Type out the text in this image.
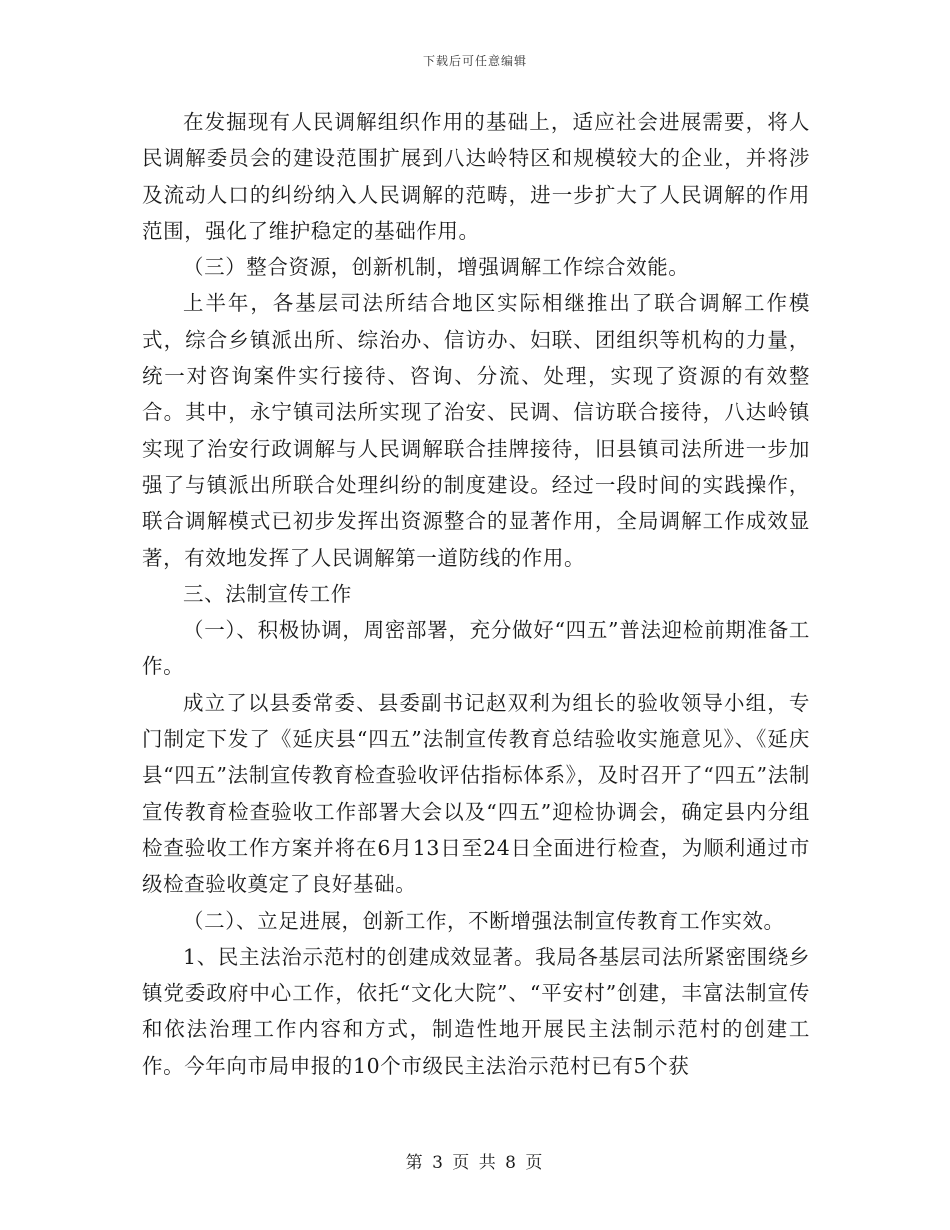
下载后可任意编辑

在发掘现有人民调解组织作用的基础上，适应社会进展需要，将人民调解委员会的建设范围扩展到八达岭特区和规模较大的企业，并将涉及流动人口的纠纷纳入人民调解的范畴，进一步扩大了人民调解的作用范围，强化了维护稳定的基础作用。

（三）整合资源，创新机制，增强调解工作综合效能。

上半年，各基层司法所结合地区实际相继推出了联合调解工作模式，综合乡镇派出所、综治办、信访办、妇联、团组织等机构的力量，统一对咨询案件实行接待、咨询、分流、处理，实现了资源的有效整合。其中，永宁镇司法所实现了治安、民调、信访联合接待，八达岭镇实现了治安行政调解与人民调解联合挂牌接待，旧县镇司法所进一步加强了与镇派出所联合处理纠纷的制度建设。经过一段时间的实践操作，联合调解模式已初步发挥出资源整合的显著作用，全局调解工作成效显著，有效地发挥了人民调解第一道防线的作用。

三、法制宣传工作

（一）、积极协调，周密部署，充分做好“四五”普法迎检前期准备工作。

成立了以县委常委、县委副书记赵双利为组长的验收领导小组，专门制定下发了《延庆县“四五”法制宣传教育总结验收实施意见》、《延庆县“四五”法制宣传教育检查验收评估指标体系》，及时召开了“四五”法制宣传教育检查验收工作部署大会以及“四五”迎检协调会，确定县内分组检查验收工作方案并将在6月13日至24日全面进行检查，为顺利通过市级检查验收奠定了良好基础。

（二）、立足进展，创新工作，不断增强法制宣传教育工作实效。

1、民主法治示范村的创建成效显著。我局各基层司法所紧密围绕乡镇党委政府中心工作，依托“文化大院”、“平安村”创建，丰富法制宣传和依法治理工作内容和方式，制造性地开展民主法制示范村的创建工作。今年向市局申报的10个市级民主法治示范村已有5个获

第 3 页 共 8 页
